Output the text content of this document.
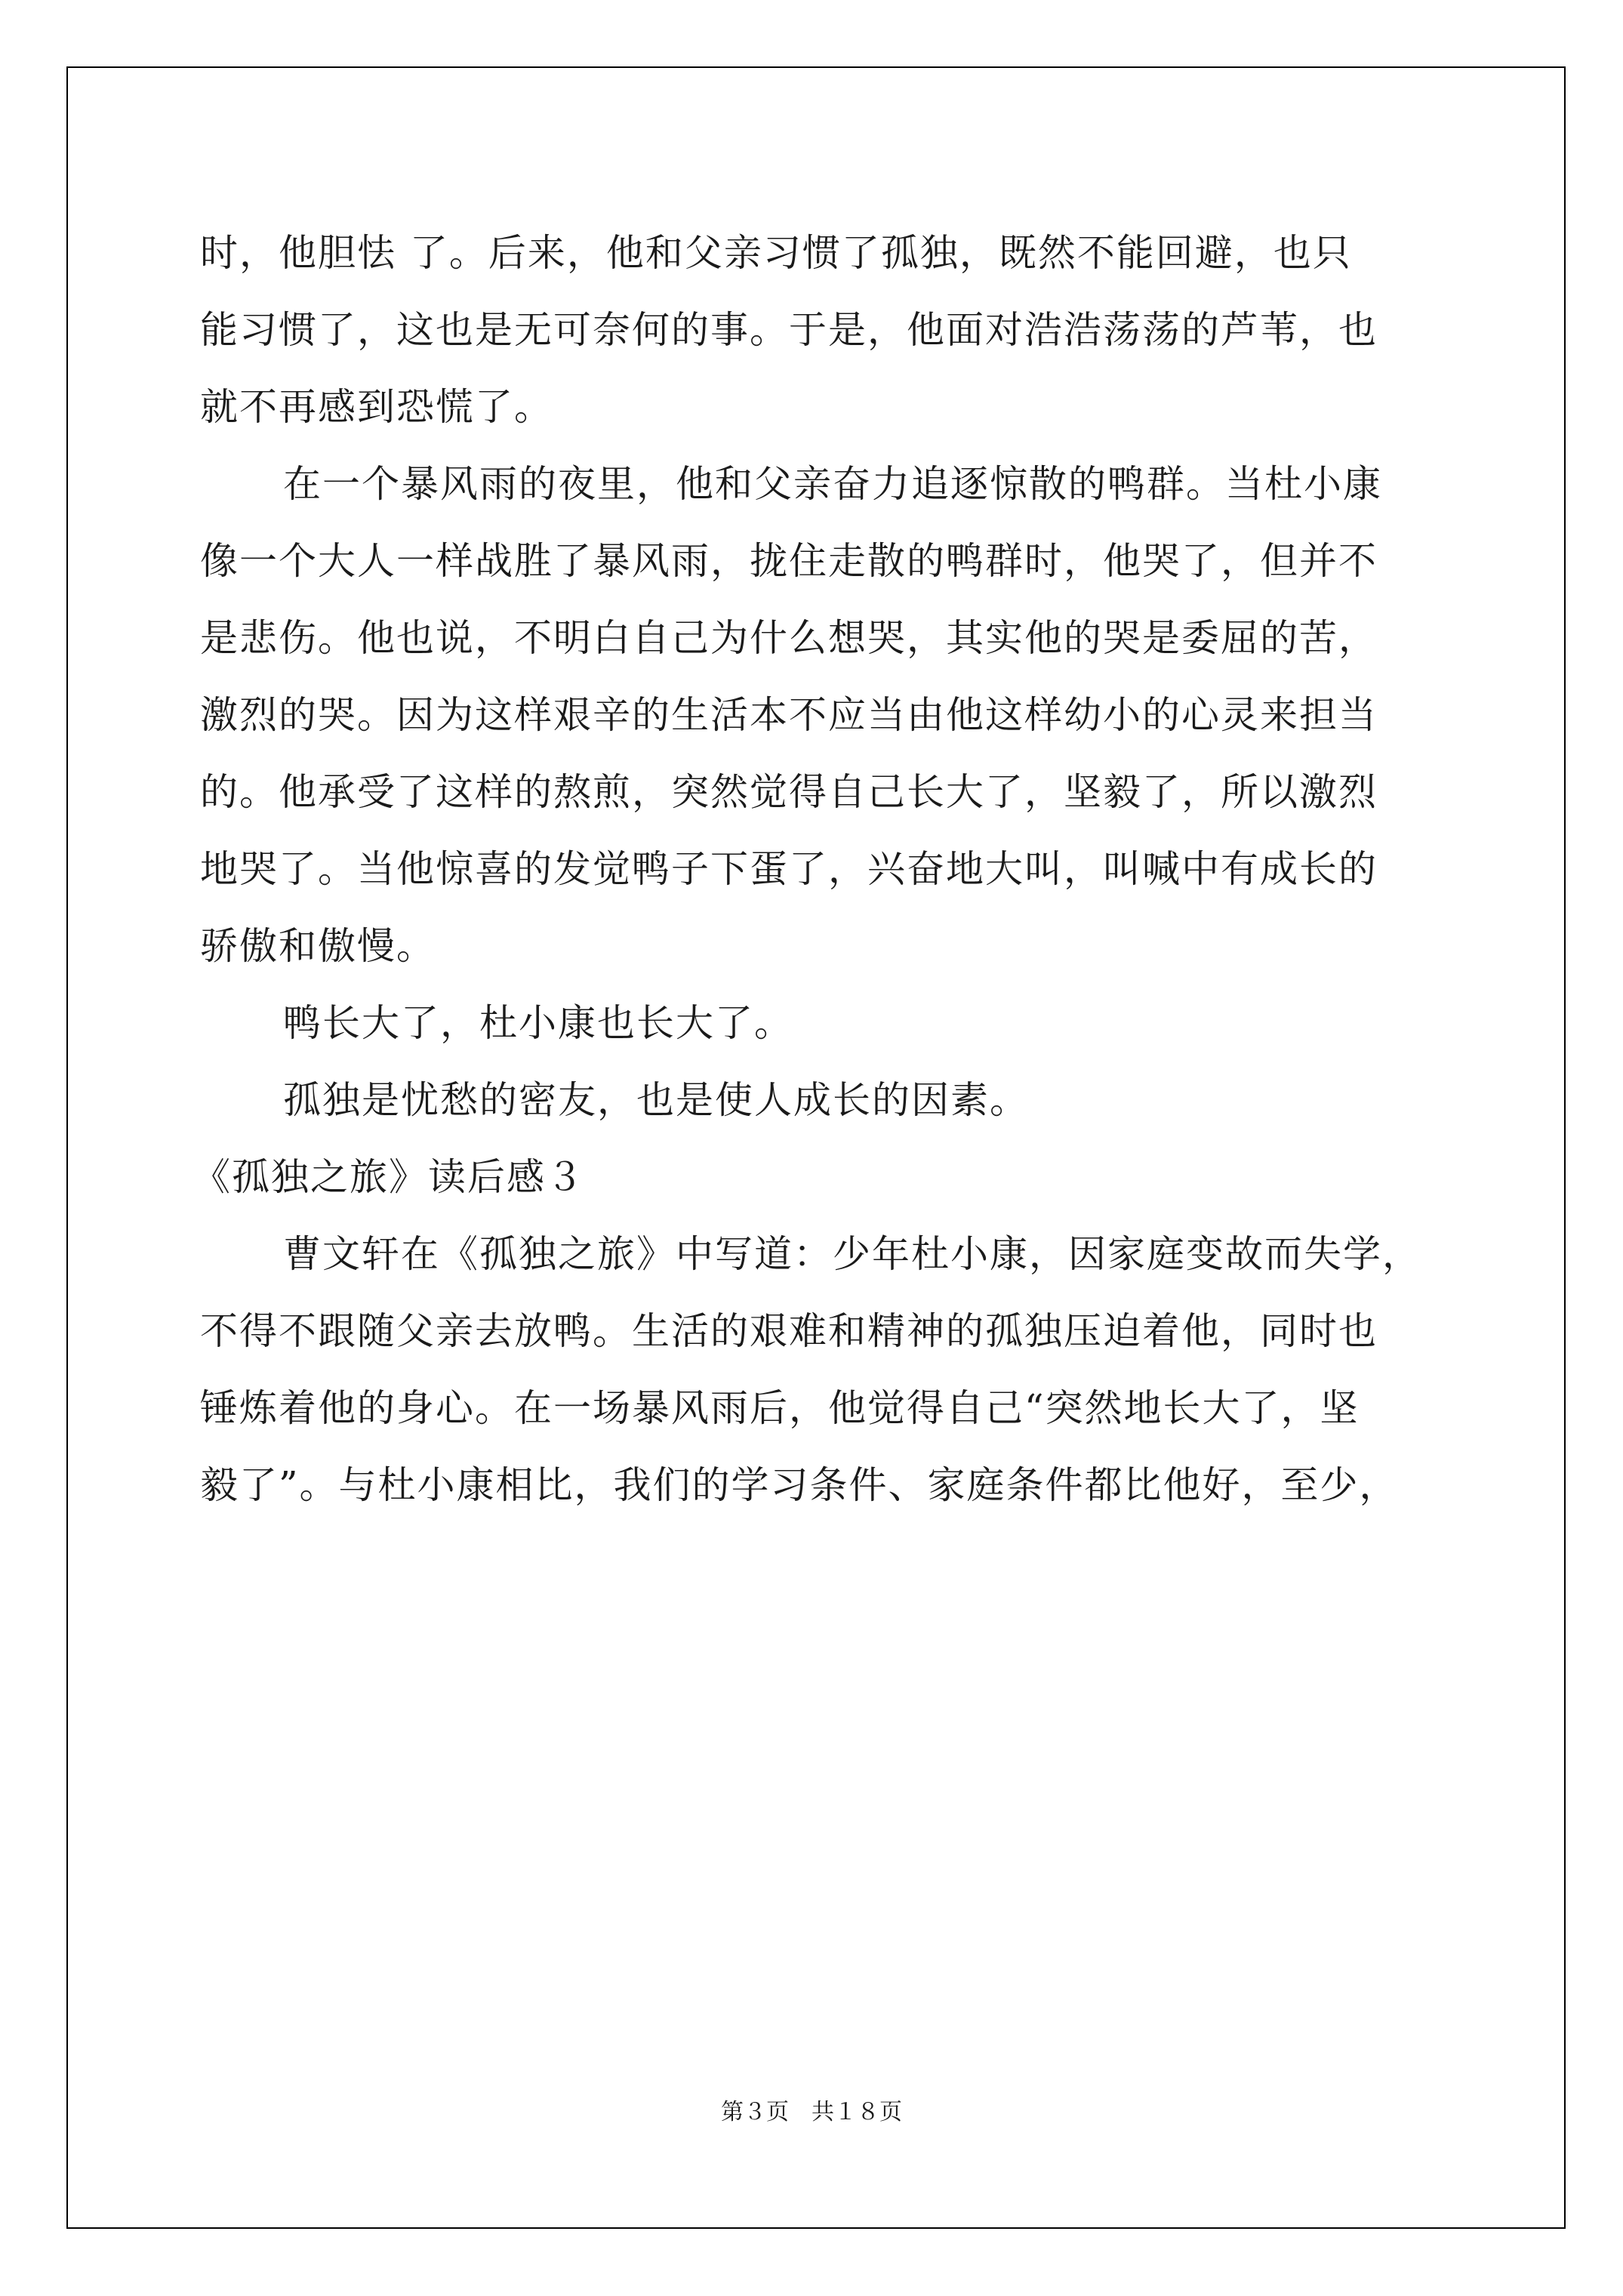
时，他胆怯 了。后来，他和父亲习惯了孤独，既然不能回避，也只
能习惯了，这也是无可奈何的事。于是，他面对浩浩荡荡的芦苇，也
就不再感到恐慌了。
在一个暴风雨的夜里，他和父亲奋力追逐惊散的鸭群。当杜小康
像一个大人一样战胜了暴风雨，拢住走散的鸭群时，他哭了，但并不
是悲伤。他也说，不明白自己为什么想哭，其实他的哭是委屈的苦，
激烈的哭。因为这样艰辛的生活本不应当由他这样幼小的心灵来担当
的。他承受了这样的熬煎，突然觉得自己长大了，坚毅了，所以激烈
地哭了。当他惊喜的发觉鸭子下蛋了，兴奋地大叫，叫喊中有成长的
骄傲和傲慢。
鸭长大了，杜小康也长大了。
孤独是忧愁的密友，也是使人成长的因素。
《孤独之旅》读后感３
曹文轩在《孤独之旅》中写道：少年杜小康，因家庭变故而失学，
不得不跟随父亲去放鸭。生活的艰难和精神的孤独压迫着他，同时也
锤炼着他的身心。在一场暴风雨后，他觉得自己“突然地长大了，坚
毅了”。与杜小康相比，我们的学习条件、家庭条件都比他好，至少，
第３页　共１８页
